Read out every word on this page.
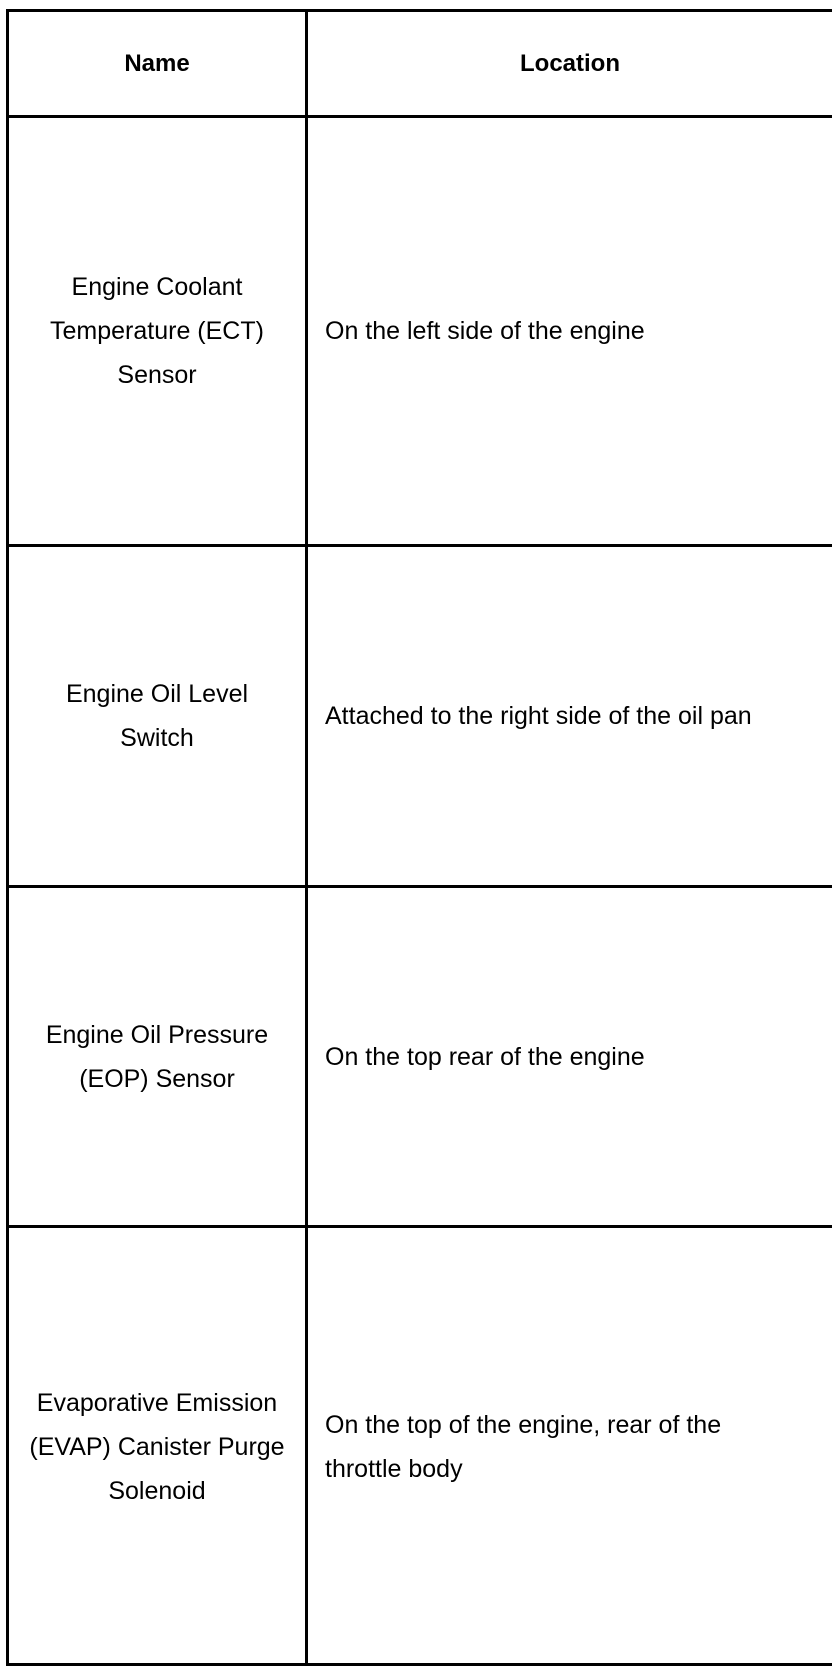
Name	Location
Engine Coolant Temperature (ECT) Sensor
On the left side of the engine
Engine Oil Level Switch
Attached to the right side of the oil pan
Engine Oil Pressure (EOP) Sensor
On the top rear of the engine
Evaporative Emission (EVAP) Canister Purge Solenoid
On the top of the engine, rear of the throttle body
